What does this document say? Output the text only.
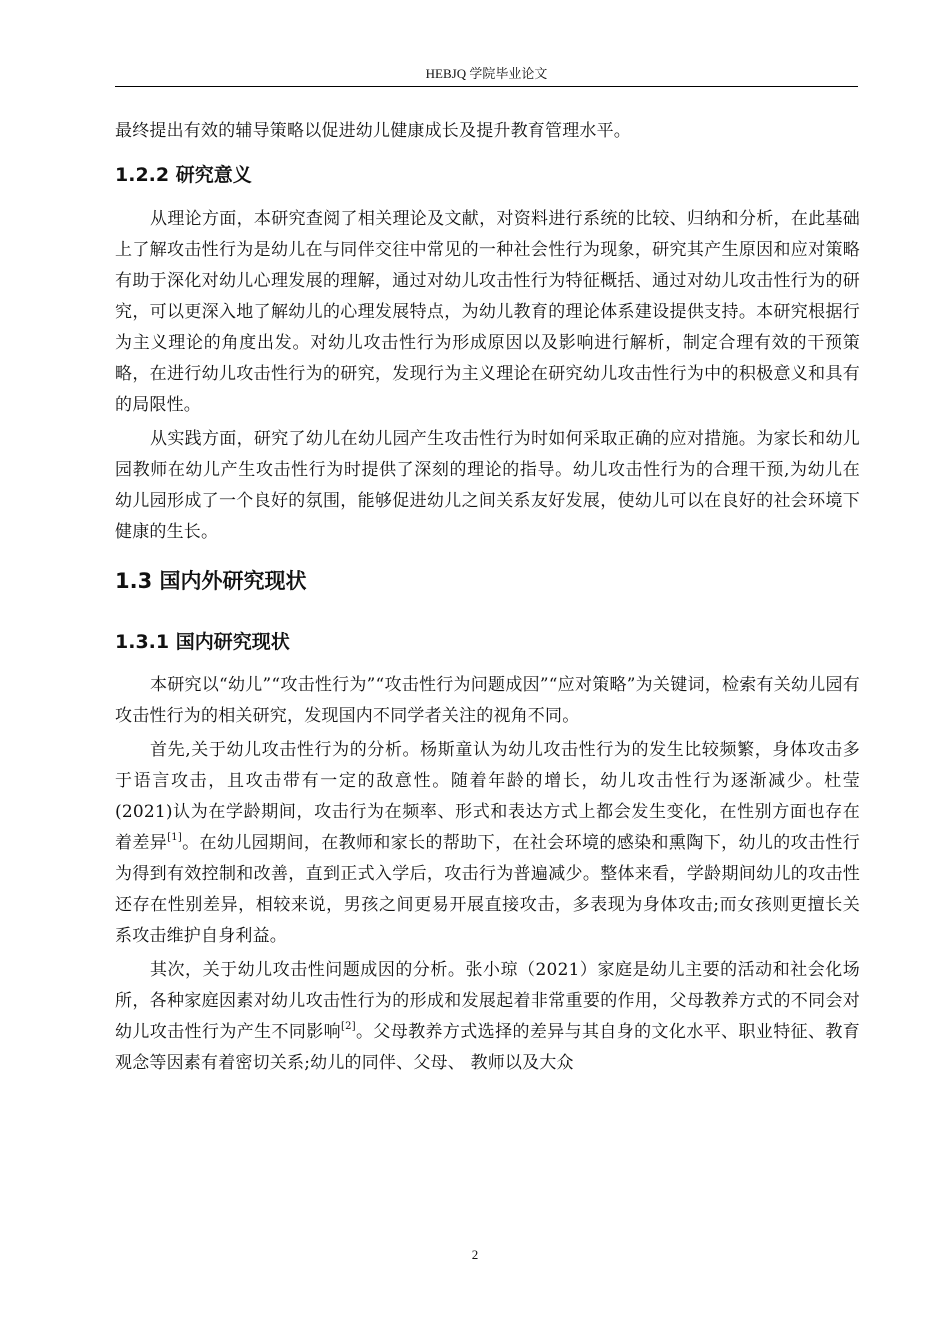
HEBJQ 学院毕业论文

最终提出有效的辅导策略以促进幼儿健康成长及提升教育管理水平。

1.2.2 研究意义

从理论方面，本研究查阅了相关理论及文献，对资料进行系统的比较、归纳和分析，在此基础上了解攻击性行为是幼儿在与同伴交往中常见的一种社会性行为现象，研究其产生原因和应对策略有助于深化对幼儿心理发展的理解，通过对幼儿攻击性行为特征概括、通过对幼儿攻击性行为的研究，可以更深入地了解幼儿的心理发展特点，为幼儿教育的理论体系建设提供支持。本研究根据行为主义理论的角度出发。对幼儿攻击性行为形成原因以及影响进行解析，制定合理有效的干预策略，在进行幼儿攻击性行为的研究，发现行为主义理论在研究幼儿攻击性行为中的积极意义和具有的局限性。

从实践方面，研究了幼儿在幼儿园产生攻击性行为时如何采取正确的应对措施。为家长和幼儿园教师在幼儿产生攻击性行为时提供了深刻的理论的指导。幼儿攻击性行为的合理干预,为幼儿在幼儿园形成了一个良好的氛围，能够促进幼儿之间关系友好发展，使幼儿可以在良好的社会环境下健康的生长。

1.3 国内外研究现状
1.3.1 国内研究现状

本研究以“幼儿”“攻击性行为”“攻击性行为问题成因”“应对策略”为关键词，检索有关幼儿园有攻击性行为的相关研究，发现国内不同学者关注的视角不同。

首先,关于幼儿攻击性行为的分析。杨斯童认为幼儿攻击性行为的发生比较频繁，身体攻击多于语言攻击，且攻击带有一定的敌意性。随着年龄的增长，幼儿攻击性行为逐渐减少。杜莹(2021)认为在学龄期间，攻击行为在频率、形式和表达方式上都会发生变化，在性别方面也存在着差异[1]。在幼儿园期间，在教师和家长的帮助下，在社会环境的感染和熏陶下，幼儿的攻击性行为得到有效控制和改善，直到正式入学后，攻击行为普遍减少。整体来看，学龄期间幼儿的攻击性还存在性别差异，相较来说，男孩之间更易开展直接攻击，多表现为身体攻击;而女孩则更擅长关系攻击维护自身利益。

其次，关于幼儿攻击性问题成因的分析。张小琼（2021）家庭是幼儿主要的活动和社会化场所，各种家庭因素对幼儿攻击性行为的形成和发展起着非常重要的作用，父母教养方式的不同会对幼儿攻击性行为产生不同影响[2]。父母教养方式选择的差异与其自身的文化水平、职业特征、教育观念等因素有着密切关系;幼儿的同伴、父母、 教师以及大众

2
